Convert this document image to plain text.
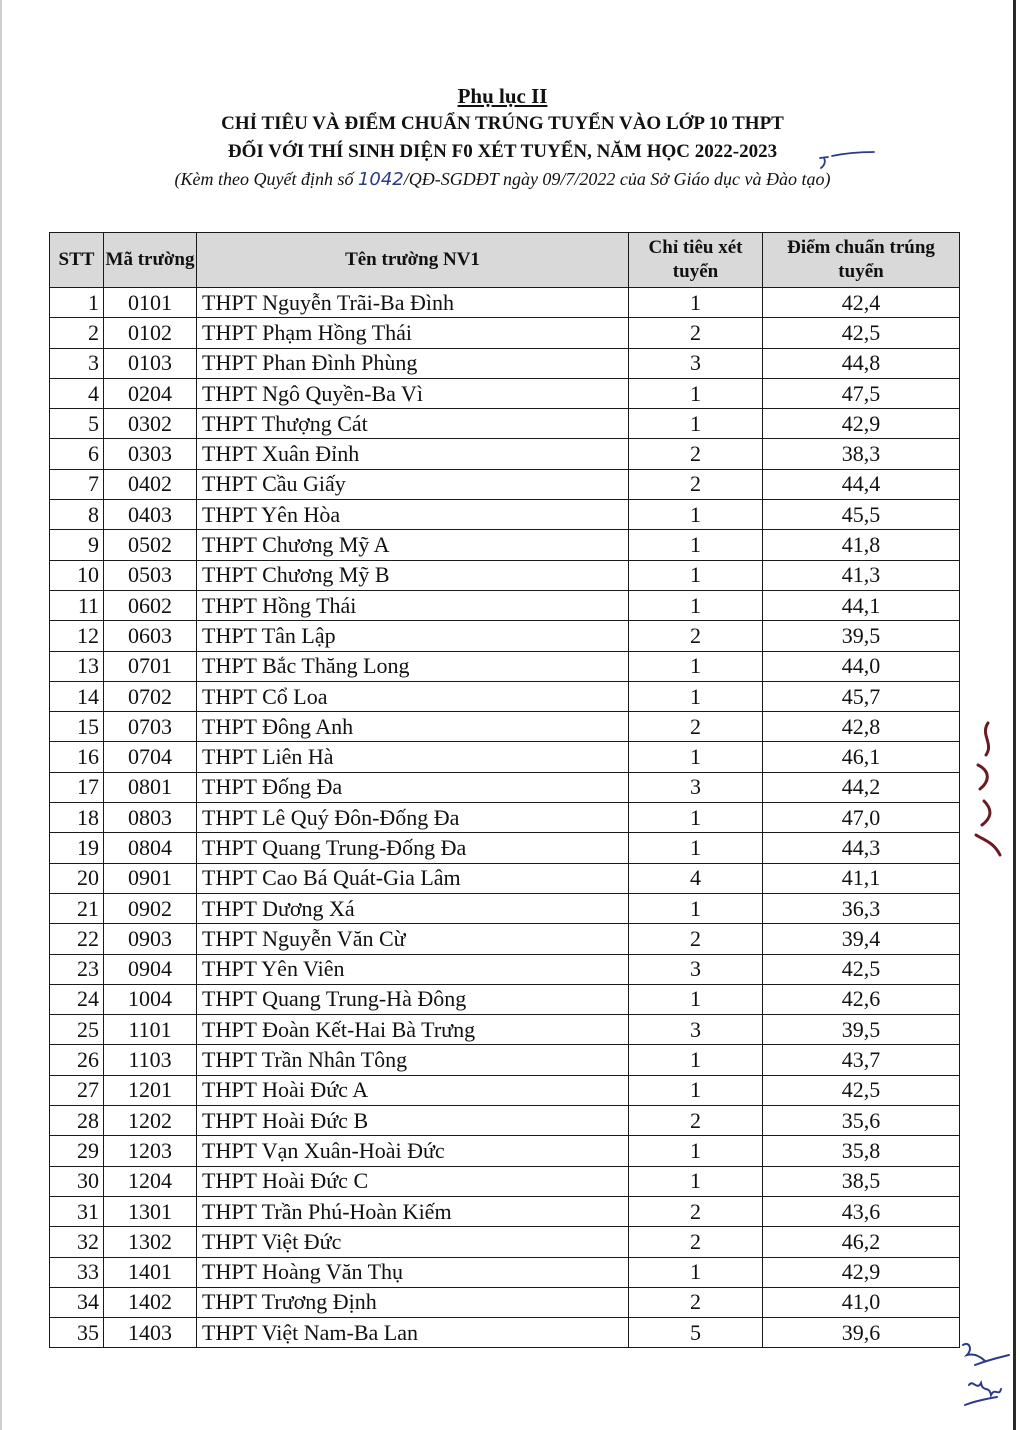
Phụ lục II
CHỈ TIÊU VÀ ĐIỂM CHUẨN TRÚNG TUYỂN VÀO LỚP 10 THPT
ĐỐI VỚI THÍ SINH DIỆN F0 XÉT TUYỂN, NĂM HỌC 2022-2023
(Kèm theo Quyết định số 1042/QĐ-SGDĐT ngày 09/7/2022 của Sở Giáo dục và Đào tạo)
STT	Mã trường	Tên trường NV1	Chỉ tiêu xét tuyển	Điểm chuẩn trúng tuyển
1	0101	THPT Nguyễn Trãi-Ba Đình	1	42,4
2	0102	THPT Phạm Hồng Thái	2	42,5
3	0103	THPT Phan Đình Phùng	3	44,8
4	0204	THPT Ngô Quyền-Ba Vì	1	47,5
5	0302	THPT Thượng Cát	1	42,9
6	0303	THPT Xuân Đỉnh	2	38,3
7	0402	THPT Cầu Giấy	2	44,4
8	0403	THPT Yên Hòa	1	45,5
9	0502	THPT Chương Mỹ A	1	41,8
10	0503	THPT Chương Mỹ B	1	41,3
11	0602	THPT Hồng Thái	1	44,1
12	0603	THPT Tân Lập	2	39,5
13	0701	THPT Bắc Thăng Long	1	44,0
14	0702	THPT Cổ Loa	1	45,7
15	0703	THPT Đông Anh	2	42,8
16	0704	THPT Liên Hà	1	46,1
17	0801	THPT Đống Đa	3	44,2
18	0803	THPT Lê Quý Đôn-Đống Đa	1	47,0
19	0804	THPT Quang Trung-Đống Đa	1	44,3
20	0901	THPT Cao Bá Quát-Gia Lâm	4	41,1
21	0902	THPT Dương Xá	1	36,3
22	0903	THPT Nguyễn Văn Cừ	2	39,4
23	0904	THPT Yên Viên	3	42,5
24	1004	THPT Quang Trung-Hà Đông	1	42,6
25	1101	THPT Đoàn Kết-Hai Bà Trưng	3	39,5
26	1103	THPT Trần Nhân Tông	1	43,7
27	1201	THPT Hoài Đức A	1	42,5
28	1202	THPT Hoài Đức B	2	35,6
29	1203	THPT Vạn Xuân-Hoài Đức	1	35,8
30	1204	THPT Hoài Đức C	1	38,5
31	1301	THPT Trần Phú-Hoàn Kiếm	2	43,6
32	1302	THPT Việt Đức	2	46,2
33	1401	THPT Hoàng Văn Thụ	1	42,9
34	1402	THPT Trương Định	2	41,0
35	1403	THPT Việt Nam-Ba Lan	5	39,6
